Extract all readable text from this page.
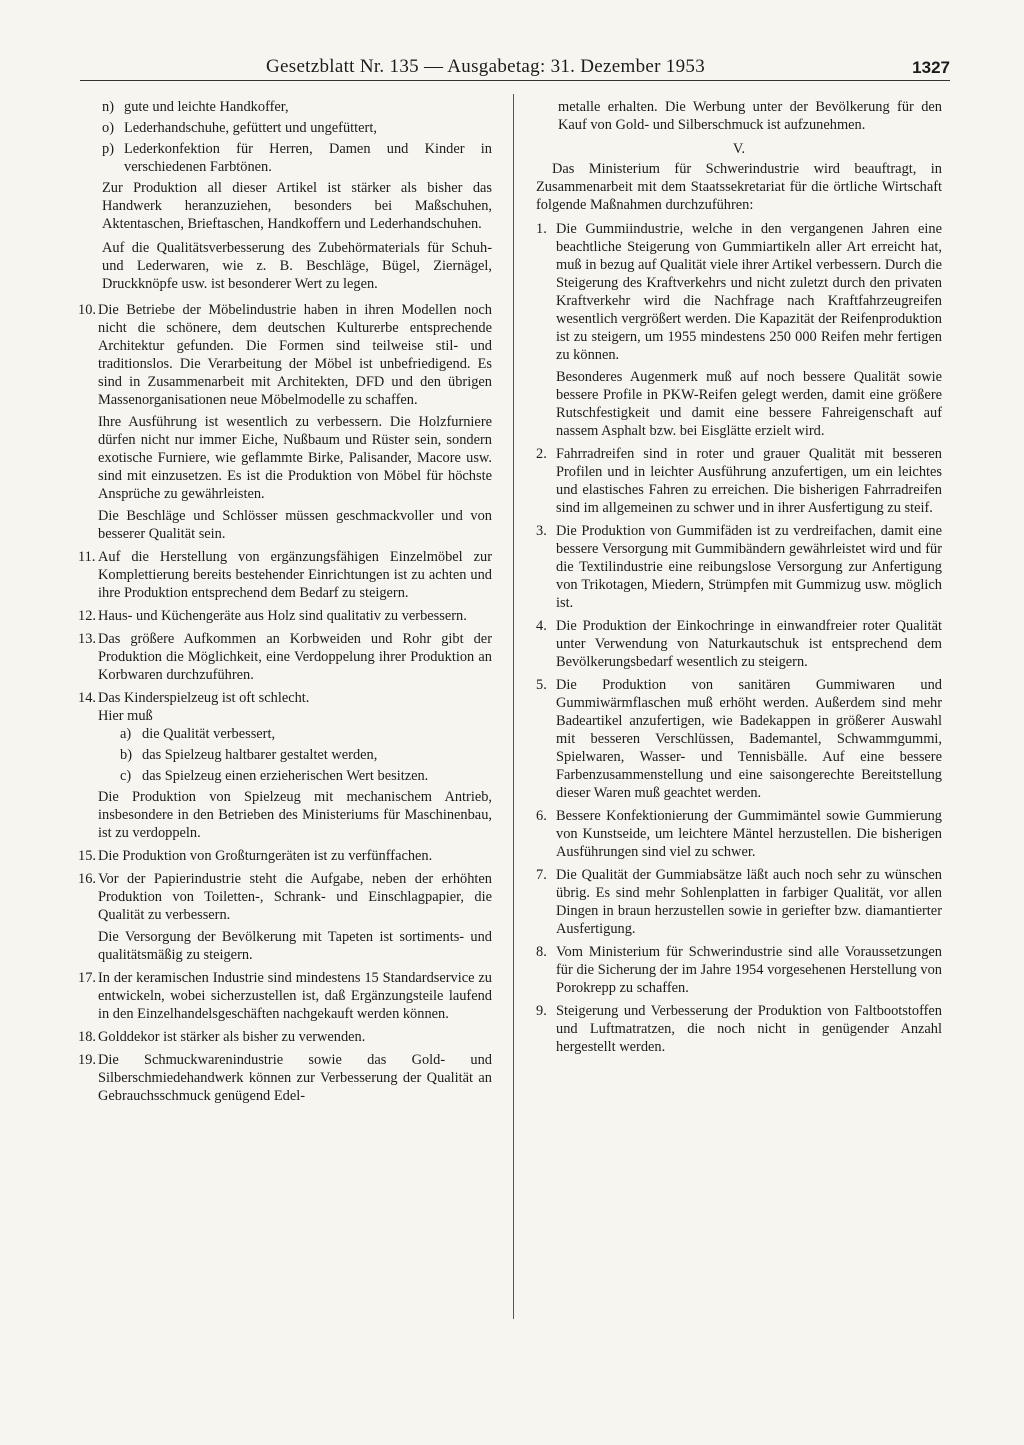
Gesetzblatt Nr. 135 — Ausgabetag: 31. Dezember 1953	1327
n) gute und leichte Handkoffer,
o) Lederhandschuhe, gefüttert und ungefüttert,
p) Lederkonfektion für Herren, Damen und Kinder in verschiedenen Farbtönen.

Zur Produktion all dieser Artikel ist stärker als bisher das Handwerk heranzuziehen, besonders bei Maßschuhen, Aktentaschen, Brieftaschen, Handkoffern und Lederhandschuhen.

Auf die Qualitätsverbesserung des Zubehörmaterials für Schuh- und Lederwaren, wie z. B. Beschläge, Bügel, Ziernägel, Druckknöpfe usw. ist besonderer Wert zu legen.

10. Die Betriebe der Möbelindustrie haben in ihren Modellen noch nicht die schönere, dem deutschen Kulturerbe entsprechende Architektur gefunden. Die Formen sind teilweise stil- und traditionslos. Die Verarbeitung der Möbel ist unbefriedigend. Es sind in Zusammenarbeit mit Architekten, DFD und den übrigen Massenorganisationen neue Möbelmodelle zu schaffen.

Ihre Ausführung ist wesentlich zu verbessern. Die Holzfurniere dürfen nicht nur immer Eiche, Nußbaum und Rüster sein, sondern exotische Furniere, wie geflammte Birke, Palisander, Macore usw. sind mit einzusetzen. Es ist die Produktion von Möbel für höchste Ansprüche zu gewährleisten.

Die Beschläge und Schlösser müssen geschmackvoller und von besserer Qualität sein.

11. Auf die Herstellung von ergänzungsfähigen Einzelmöbel zur Komplettierung bereits bestehender Einrichtungen ist zu achten und ihre Produktion entsprechend dem Bedarf zu steigern.

12. Haus- und Küchengeräte aus Holz sind qualitativ zu verbessern.

13. Das größere Aufkommen an Korbweiden und Rohr gibt der Produktion die Möglichkeit, eine Verdoppelung ihrer Produktion an Korbwaren durchzuführen.

14. Das Kinderspielzeug ist oft schlecht.

Hier muß

a) die Qualität verbessert,
b) das Spielzeug haltbarer gestaltet werden,
c) das Spielzeug einen erzieherischen Wert besitzen.

Die Produktion von Spielzeug mit mechanischem Antrieb, insbesondere in den Betrieben des Ministeriums für Maschinenbau, ist zu verdoppeln.

15. Die Produktion von Großturngeräten ist zu verfünffachen.

16. Vor der Papierindustrie steht die Aufgabe, neben der erhöhten Produktion von Toiletten-, Schrank- und Einschlagpapier, die Qualität zu verbessern.

Die Versorgung der Bevölkerung mit Tapeten ist sortiments- und qualitätsmäßig zu steigern.

17. In der keramischen Industrie sind mindestens 15 Standardservice zu entwickeln, wobei sicherzustellen ist, daß Ergänzungsteile laufend in den Einzelhandelsgeschäften nachgekauft werden können.

18. Golddekor ist stärker als bisher zu verwenden.

19. Die Schmuckwarenindustrie sowie das Gold- und Silberschmiedehandwerk können zur Verbesserung der Qualität an Gebrauchsschmuck genügend Edel-

metalle erhalten. Die Werbung unter der Bevölkerung für den Kauf von Gold- und Silberschmuck ist aufzunehmen.

V.

Das Ministerium für Schwerindustrie wird beauftragt, in Zusammenarbeit mit dem Staatssekretariat für die örtliche Wirtschaft folgende Maßnahmen durchzuführen:

1. Die Gummiindustrie, welche in den vergangenen Jahren eine beachtliche Steigerung von Gummiartikeln aller Art erreicht hat, muß in bezug auf Qualität viele ihrer Artikel verbessern. Durch die Steigerung des Kraftverkehrs und nicht zuletzt durch den privaten Kraftverkehr wird die Nachfrage nach Kraftfahrzeugreifen wesentlich vergrößert werden. Die Kapazität der Reifenproduktion ist zu steigern, um 1955 mindestens 250 000 Reifen mehr fertigen zu können.

Besonderes Augenmerk muß auf noch bessere Qualität sowie bessere Profile in PKW-Reifen gelegt werden, damit eine größere Rutschfestigkeit und damit eine bessere Fahreigenschaft auf nassem Asphalt bzw. bei Eisglätte erzielt wird.

2. Fahrradreifen sind in roter und grauer Qualität mit besseren Profilen und in leichter Ausführung anzufertigen, um ein leichtes und elastisches Fahren zu erreichen. Die bisherigen Fahrradreifen sind im allgemeinen zu schwer und in ihrer Ausfertigung zu steif.

3. Die Produktion von Gummifäden ist zu verdreifachen, damit eine bessere Versorgung mit Gummibändern gewährleistet wird und für die Textilindustrie eine reibungslose Versorgung zur Anfertigung von Trikotagen, Miedern, Strümpfen mit Gummizug usw. möglich ist.

4. Die Produktion der Einkochringe in einwandfreier roter Qualität unter Verwendung von Naturkautschuk ist entsprechend dem Bevölkerungsbedarf wesentlich zu steigern.

5. Die Produktion von sanitären Gummiwaren und Gummiwärmflaschen muß erhöht werden. Außerdem sind mehr Badeartikel anzufertigen, wie Badekappen in größerer Auswahl mit besseren Verschlüssen, Bademantel, Schwammgummi, Spielwaren, Wasser- und Tennisbälle. Auf eine bessere Farbenzusammenstellung und eine saisongerechte Bereitstellung dieser Waren muß geachtet werden.

6. Bessere Konfektionierung der Gummimäntel sowie Gummierung von Kunstseide, um leichtere Mäntel herzustellen. Die bisherigen Ausführungen sind viel zu schwer.

7. Die Qualität der Gummiabsätze läßt auch noch sehr zu wünschen übrig. Es sind mehr Sohlenplatten in farbiger Qualität, vor allen Dingen in braun herzustellen sowie in geriefter bzw. diamantierter Ausfertigung.

8. Vom Ministerium für Schwerindustrie sind alle Voraussetzungen für die Sicherung der im Jahre 1954 vorgesehenen Herstellung von Porokrepp zu schaffen.

9. Steigerung und Verbesserung der Produktion von Faltbootstoffen und Luftmatratzen, die noch nicht in genügender Anzahl hergestellt werden.
